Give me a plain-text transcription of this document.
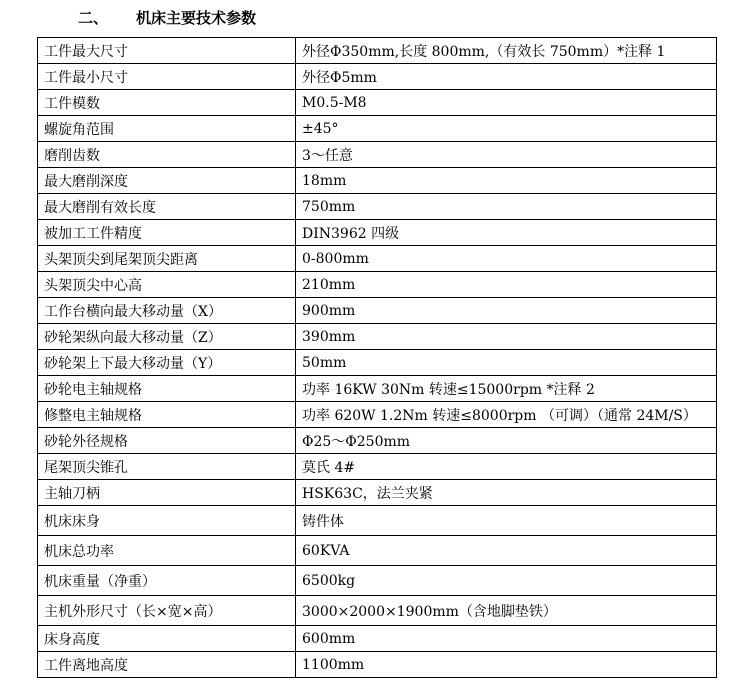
二、 机床主要技术参数
工件最大尺寸	外径Φ350mm,长度 800mm,（有效长 750mm）*注释 1
工件最小尺寸	外径Φ5mm
工件模数	M0.5-M8
螺旋角范围	±45°
磨削齿数	3～任意
最大磨削深度	18mm
最大磨削有效长度	750mm
被加工工件精度	DIN3962 四级
头架顶尖到尾架顶尖距离	0-800mm
头架顶尖中心高	210mm
工作台横向最大移动量（X）	900mm
砂轮架纵向最大移动量（Z）	390mm
砂轮架上下最大移动量（Y）	50mm
砂轮电主轴规格	功率 16KW 30Nm 转速≤15000rpm *注释 2
修整电主轴规格	功率 620W 1.2Nm 转速≤8000rpm （可调）（通常 24M/S）
砂轮外径规格	Φ25～Φ250mm
尾架顶尖锥孔	莫氏 4#
主轴刀柄	HSK63C，法兰夹紧
机床床身	铸件体
机床总功率	60KVA
机床重量（净重）	6500kg
主机外形尺寸（长×宽×高）	3000×2000×1900mm（含地脚垫铁）
床身高度	600mm
工件离地高度	1100mm
